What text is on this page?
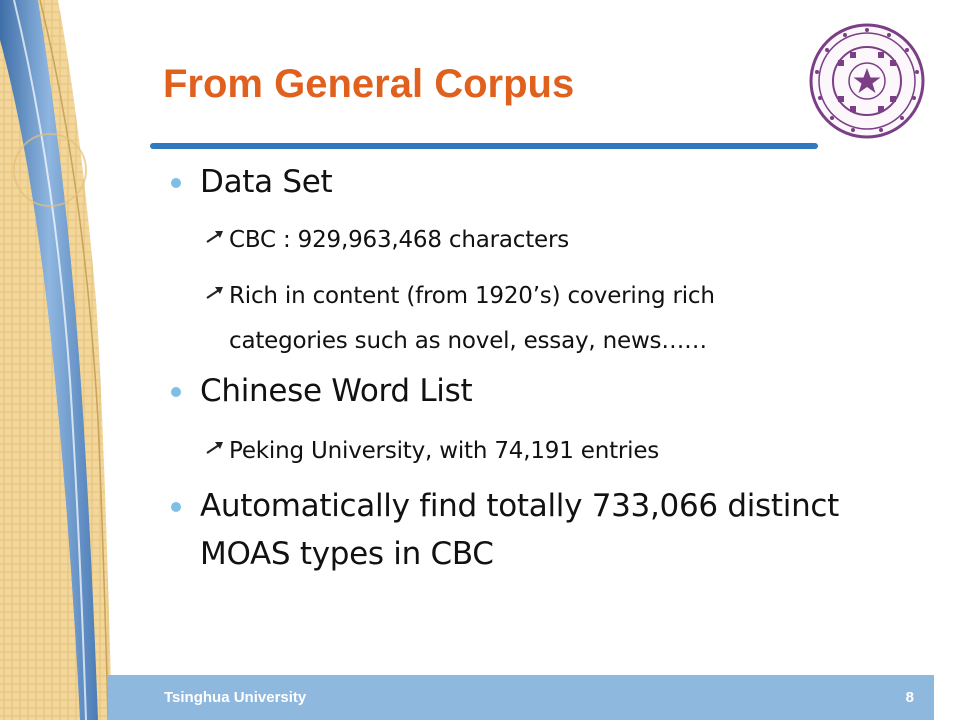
From General Corpus
Data Set
CBC : 929,963,468 characters
Rich in content (from 1920’s) covering rich
categories such as novel, essay, news……
Chinese Word List
Peking University, with 74,191 entries
Automatically find totally 733,066 distinct
MOAS types in CBC
Tsinghua University	8
